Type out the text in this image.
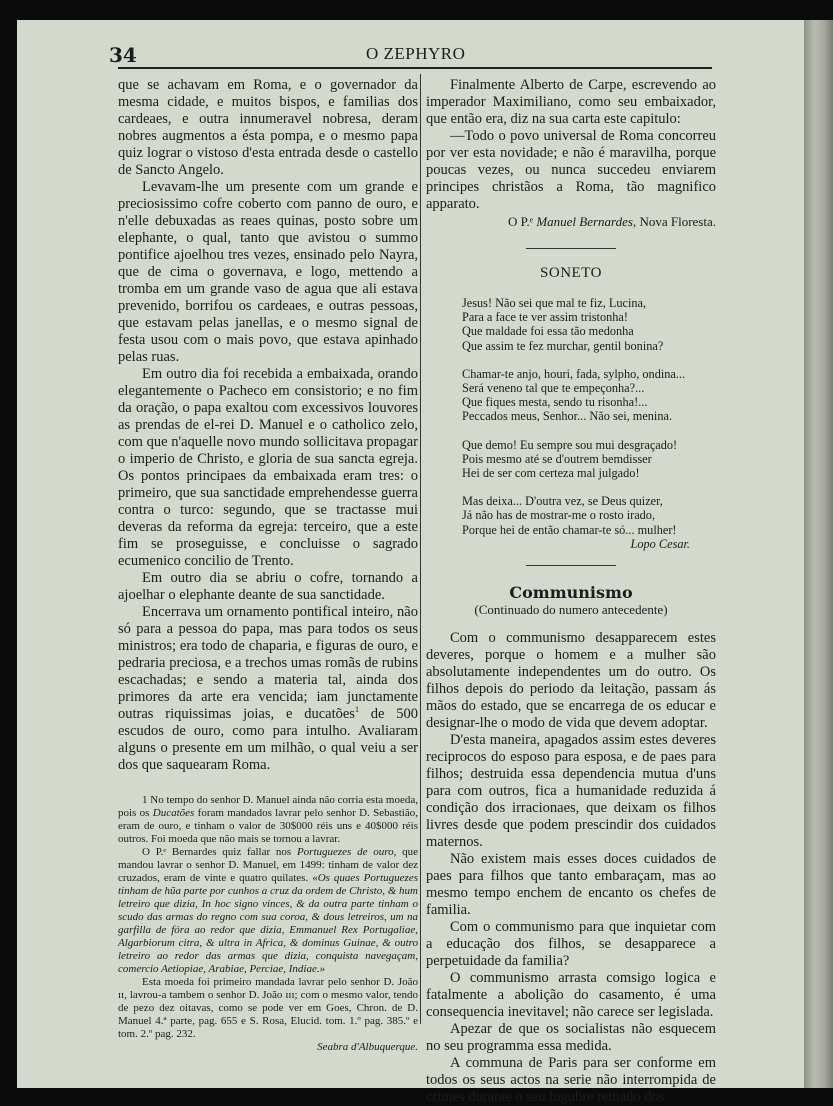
34	O ZEPHYRO

que se achavam em Roma, e o governador da mesma cidade, e muitos bispos, e familias dos cardeaes, e outra innumeravel nobresa, deram nobres augmentos a ésta pompa, e o mesmo papa quiz lograr o vistoso d'esta entrada desde o castello de Sancto Angelo.

Levavam-lhe um presente com um grande e preciosissimo cofre coberto com panno de ouro, e n'elle debuxadas as reaes quinas, posto sobre um elephante, o qual, tanto que avistou o summo pontifice ajoelhou tres vezes, ensinado pelo Nayra, que de cima o governava, e logo, mettendo a tromba em um grande vaso de agua que ali estava prevenido, borrifou os cardeaes, e outras pessoas, que estavam pelas janellas, e o mesmo signal de festa usou com o mais povo, que estava apinhado pelas ruas.

Em outro dia foi recebida a embaixada, orando elegantemente o Pacheco em consistorio; e no fim da oração, o papa exaltou com excessivos louvores as prendas de el-rei D. Manuel e o catholico zelo, com que n'aquelle novo mundo sollicitava propagar o imperio de Christo, e gloria de sua sancta egreja. Os pontos principaes da embaixada eram tres: o primeiro, que sua sanctidade emprehendesse guerra contra o turco: segundo, que se tractasse mui deveras da reforma da egreja: terceiro, que a este fim se proseguisse, e concluisse o sagrado ecumenico concilio de Trento.

Em outro dia se abriu o cofre, tornando a ajoelhar o elephante deante de sua sanctidade.

Encerrava um ornamento pontifical inteiro, não só para a pessoa do papa, mas para todos os seus ministros; era todo de chaparia, e figuras de ouro, e pedraria preciosa, e a trechos umas romãs de rubins escachadas; e sendo a materia tal, ainda dos primores da arte era vencida; iam junctamente outras riquissimas joias, e ducatões$^1$ de 500 escudos de ouro, como para intulho. Avaliaram alguns o presente em um milhão, o qual veiu a ser dos que saquearam Roma.

1 No tempo do senhor D. Manuel ainda não corria esta moeda, pois os Ducatões foram mandados lavrar pelo senhor D. Sebastião, eram de ouro, e tinham o valor de 30$000 réis uns e 40$000 réis outros. Foi moeda que não mais se tornou a lavrar.

O P.ᵉ Bernardes quiz fallar nos Portuguezes de ouro, que mandou lavrar o senhor D. Manuel, em 1499: tinham de valor dez cruzados, eram de vinte e quatro quilates. «Os quaes Portuguezes tinham de hũa parte por cunhos a cruz da ordem de Christo, & hum letreiro que dizia, In hoc signo vinces, & da outra parte tinham o scudo das armas do regno com sua coroa, & dous letreiros, um na garfilla de fóra ao redor que dizia, Emmanuel Rex Portugaliae, Algarbiorum citra, & ultra in Africa, & dominus Guinae, & outro letreiro ao redor das armas que dizia, conquista navegaçam, comercio Aetiopiae, Arabiae, Perciae, Indiae.»

Esta moeda foi primeiro mandada lavrar pelo senhor D. João ɪɪ, lavrou-a tambem o senhor D. João ɪɪɪ; com o mesmo valor, tendo de pezo dez oitavas, como se pode ver em Goes, Chron. de D. Manuel 4.ª parte, pag. 655 e S. Rosa, Elucid. tom. 1.º pag. 385.º e tom. 2.º pag. 232.

Seabra d'Albuquerque.

Finalmente Alberto de Carpe, escrevendo ao imperador Maximiliano, como seu embaixador, que então era, diz na sua carta este capitulo:

—Todo o povo universal de Roma concorreu por ver esta novidade; e não é maravilha, porque poucas vezes, ou nunca succedeu enviarem principes christãos a Roma, tão magnifico apparato.

O P.ᵉ Manuel Bernardes, Nova Floresta.

SONETO

Jesus! Não sei que mal te fiz, Lucina,
Para a face te ver assim tristonha!
Que maldade foi essa tão medonha
Que assim te fez murchar, gentil bonina?
Chamar-te anjo, houri, fada, sylpho, ondina...
Será veneno tal que te empeçonha?...
Que fiques mesta, sendo tu risonha!...
Peccados meus, Senhor... Não sei, menina.
Que demo! Eu sempre sou mui desgraçado!
Pois mesmo até se d'outrem bemdisser
Hei de ser com certeza mal julgado!
Mas deixa... D'outra vez, se Deus quizer,
Já não has de mostrar-me o rosto irado,
Porque hei de então chamar-te só... mulher!

Lopo Cesar.

Communismo

(Continuado do numero antecedente)

Com o communismo desapparecem estes deveres, porque o homem e a mulher são absolutamente independentes um do outro. Os filhos depois do periodo da leitação, passam ás mãos do estado, que se encarrega de os educar e designar-lhe o modo de vida que devem adoptar.

D'esta maneira, apagados assim estes deveres reciprocos do esposo para esposa, e de paes para filhos; destruida essa dependencia mutua d'uns para com outros, fica a humanidade reduzida á condição dos irracionaes, que deixam os filhos livres desde que podem prescindir dos cuidados maternos.

Não existem mais esses doces cuidados de paes para filhos que tanto embaraçam, mas ao mesmo tempo enchem de encanto os chefes de familia.

Com o communismo para que inquietar com a educação dos filhos, se desapparece a perpetuidade da familia?

O communismo arrasta comsigo logica e fatalmente a abolição do casamento, é uma consequencia inevitavel; não carece ser legislada.

Apezar de que os socialistas não esquecem no seu programma essa medida.

A communa de Paris para ser conforme em todos os seus actos na serie não interrompida de crimes durante o seu lugubre reinado dos
